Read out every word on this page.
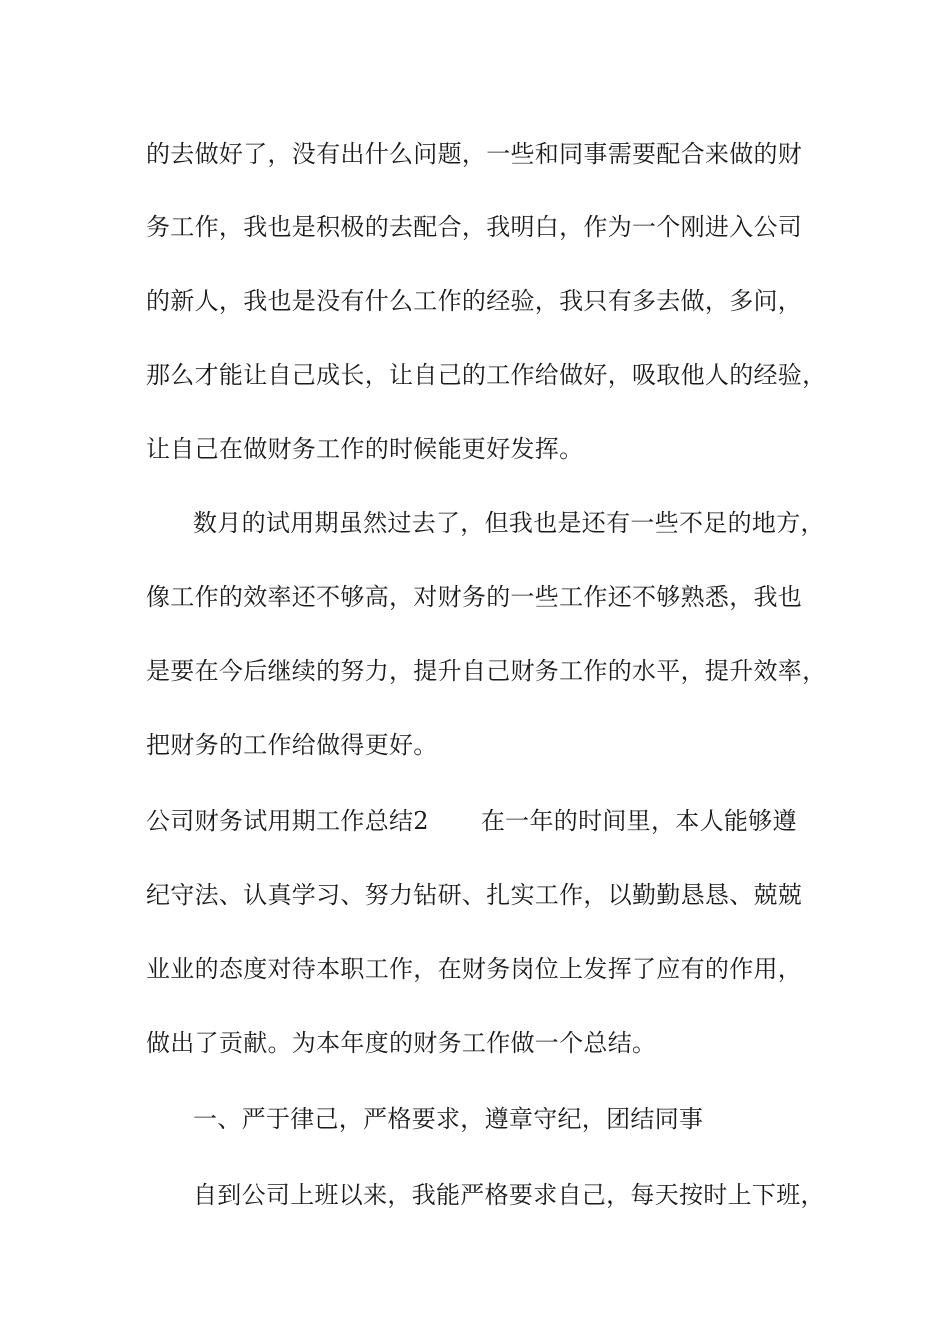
的去做好了，没有出什么问题，一些和同事需要配合来做的财
务工作，我也是积极的去配合，我明白，作为一个刚进入公司
的新人，我也是没有什么工作的经验，我只有多去做，多问，
那么才能让自己成长，让自己的工作给做好，吸取他人的经验，
让自己在做财务工作的时候能更好发挥。
数月的试用期虽然过去了，但我也是还有一些不足的地方，
像工作的效率还不够高，对财务的一些工作还不够熟悉，我也
是要在今后继续的努力，提升自己财务工作的水平，提升效率，
把财务的工作给做得更好。
公司财务试用期工作总结2 在一年的时间里，本人能够遵
纪守法、认真学习、努力钻研、扎实工作，以勤勤恳恳、兢兢
业业的态度对待本职工作，在财务岗位上发挥了应有的作用，
做出了贡献。为本年度的财务工作做一个总结。
一、严于律己，严格要求，遵章守纪，团结同事
自到公司上班以来，我能严格要求自己，每天按时上下班，
